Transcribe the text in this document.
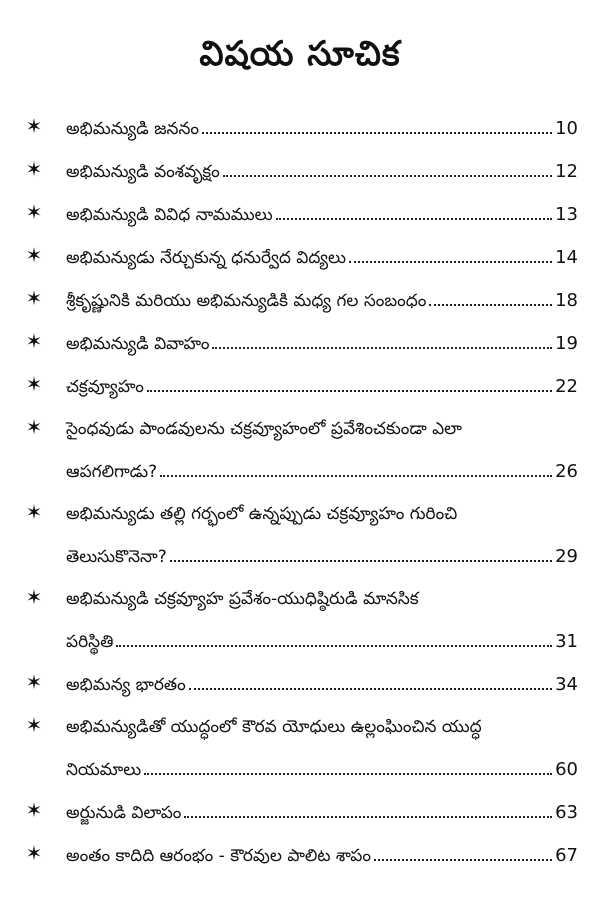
విషయ సూచిక
✶ అభిమన్యుడి జననం	10
✶ అభిమన్యుడి వంశవృక్షం	12
✶ అభిమన్యుడి వివిధ నామములు	13
✶ అభిమన్యుడు నేర్చుకున్న ధనుర్వేద విద్యలు	14
✶ శ్రీకృష్ణునికి మరియు అభిమన్యుడికి మధ్య గల సంబంధం	18
✶ అభిమన్యుడి వివాహం	19
✶ చక్రవ్యూహం	22
✶ సైంధవుడు పాండవులను చక్రవ్యూహంలో ప్రవేశించకుండా ఎలా
ఆపగలిగాడు?	26
✶ అభిమన్యుడు తల్లి గర్భంలో ఉన్నప్పుడు చక్రవ్యూహం గురించి
తెలుసుకొనెనా?	29
✶ అభిమన్యుడి చక్రవ్యూహ ప్రవేశం-యుధిష్ఠిరుడి మానసిక
పరిస్థితి	31
✶ అభిమన్య భారతం	34
✶ అభిమన్యుడితో యుద్ధంలో కౌరవ యోధులు ఉల్లంఘించిన యుద్ధ
నియమాలు	60
✶ అర్జునుడి విలాపం	63
✶ అంతం కాదిది ఆరంభం - కౌరవుల పాలిట శాపం	67
